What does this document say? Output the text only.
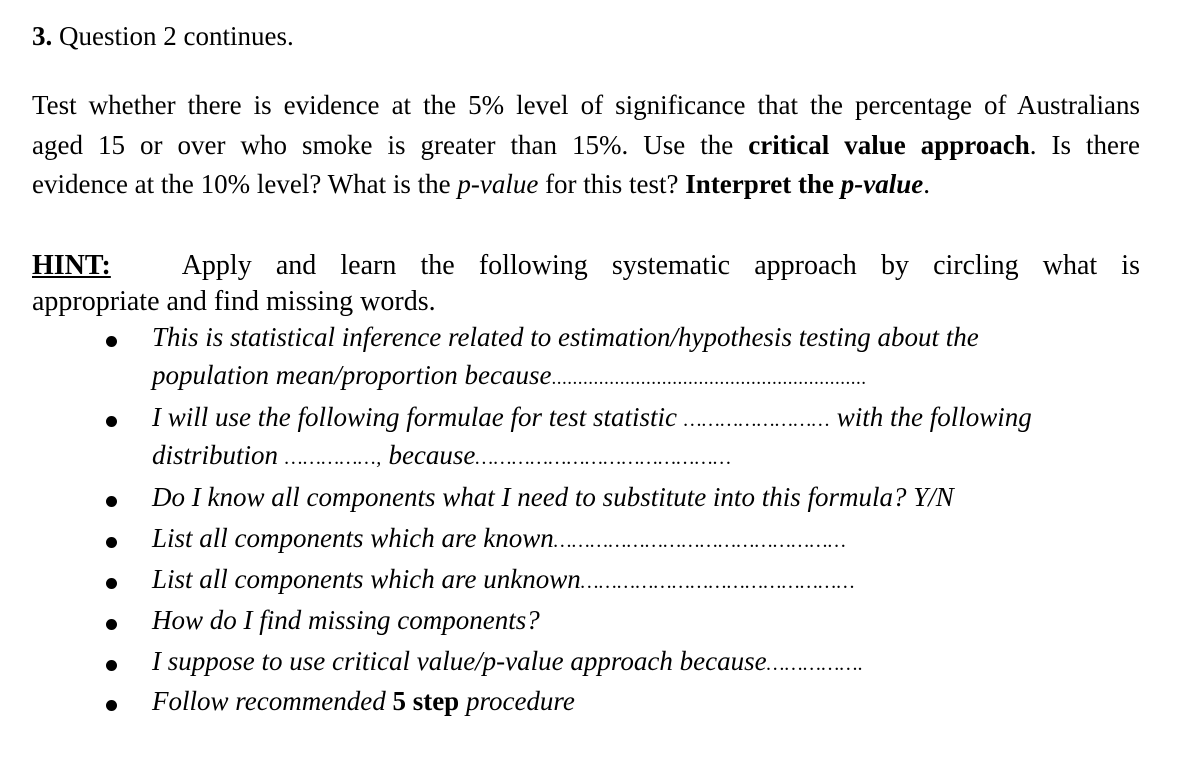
3. Question 2 continues.
Test whether there is evidence at the 5% level of significance that the percentage of Australians
aged 15 or over who smoke is greater than 15%. Use the critical value approach. Is there
evidence at the 10% level? What is the p-value for this test? Interpret the p-value.
HINT:	Apply and learn the following systematic approach by circling what is
appropriate and find missing words.
This is statistical inference related to estimation/hypothesis testing about the
population mean/proportion because............................................................
I will use the following formulae for test statistic …………………… with the following
distribution ……………, because……………………………………
Do I know all components what I need to substitute into this formula? Y/N
List all components which are known…………………………………………
List all components which are unknown………………………………………
How do I find missing components?
I suppose to use critical value/p-value approach because…………….
Follow recommended 5 step procedure
